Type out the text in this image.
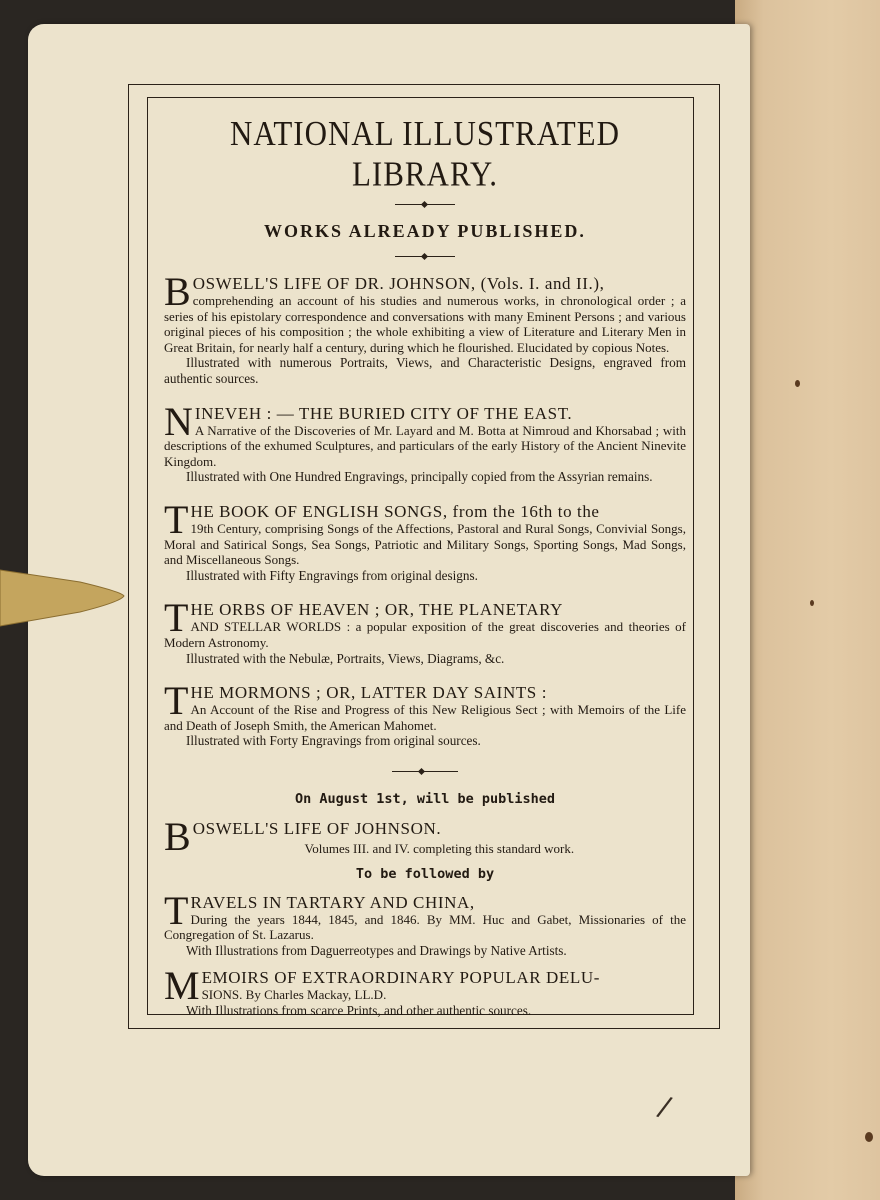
NATIONAL ILLUSTRATED LIBRARY.
WORKS ALREADY PUBLISHED.
B OSWELL'S LIFE OF DR. JOHNSON, (Vols. I. and II.),
comprehending an account of his studies and numerous works, in chronological order ; a series of his epistolary correspondence and conversations with many Eminent Persons ; and various original pieces of his composition ; the whole exhibiting a view of Literature and Literary Men in Great Britain, for nearly half a century, during which he flourished. Elucidated by copious Notes.
Illustrated with numerous Portraits, Views, and Characteristic Designs, engraved from authentic sources.
N INEVEH : — THE BURIED CITY OF THE EAST.
A Narrative of the Discoveries of Mr. Layard and M. Botta at Nimroud and Khorsabad ; with descriptions of the exhumed Sculptures, and particulars of the early History of the Ancient Ninevite Kingdom.
Illustrated with One Hundred Engravings, principally copied from the Assyrian remains.
T HE BOOK OF ENGLISH SONGS, from the 16th to the
19th Century, comprising Songs of the Affections, Pastoral and Rural Songs, Convivial Songs, Moral and Satirical Songs, Sea Songs, Patriotic and Military Songs, Sporting Songs, Mad Songs, and Miscellaneous Songs.
Illustrated with Fifty Engravings from original designs.
T HE ORBS OF HEAVEN ; OR, THE PLANETARY
AND STELLAR WORLDS : a popular exposition of the great discoveries and theories of Modern Astronomy.
Illustrated with the Nebulæ, Portraits, Views, Diagrams, &c.
T HE MORMONS ; OR, LATTER DAY SAINTS :
An Account of the Rise and Progress of this New Religious Sect ; with Memoirs of the Life and Death of Joseph Smith, the American Mahomet.
Illustrated with Forty Engravings from original sources.
On August 1st, will be published
B OSWELL'S LIFE OF JOHNSON.
Volumes III. and IV. completing this standard work.
To be followed by
T RAVELS IN TARTARY AND CHINA,
During the years 1844, 1845, and 1846. By MM. Huc and Gabet, Missionaries of the Congregation of St. Lazarus.
With Illustrations from Daguerreotypes and Drawings by Native Artists.
M EMOIRS OF EXTRAORDINARY POPULAR DELU-
SIONS. By Charles Mackay, LL.D.
With Illustrations from scarce Prints, and other authentic sources.
/
